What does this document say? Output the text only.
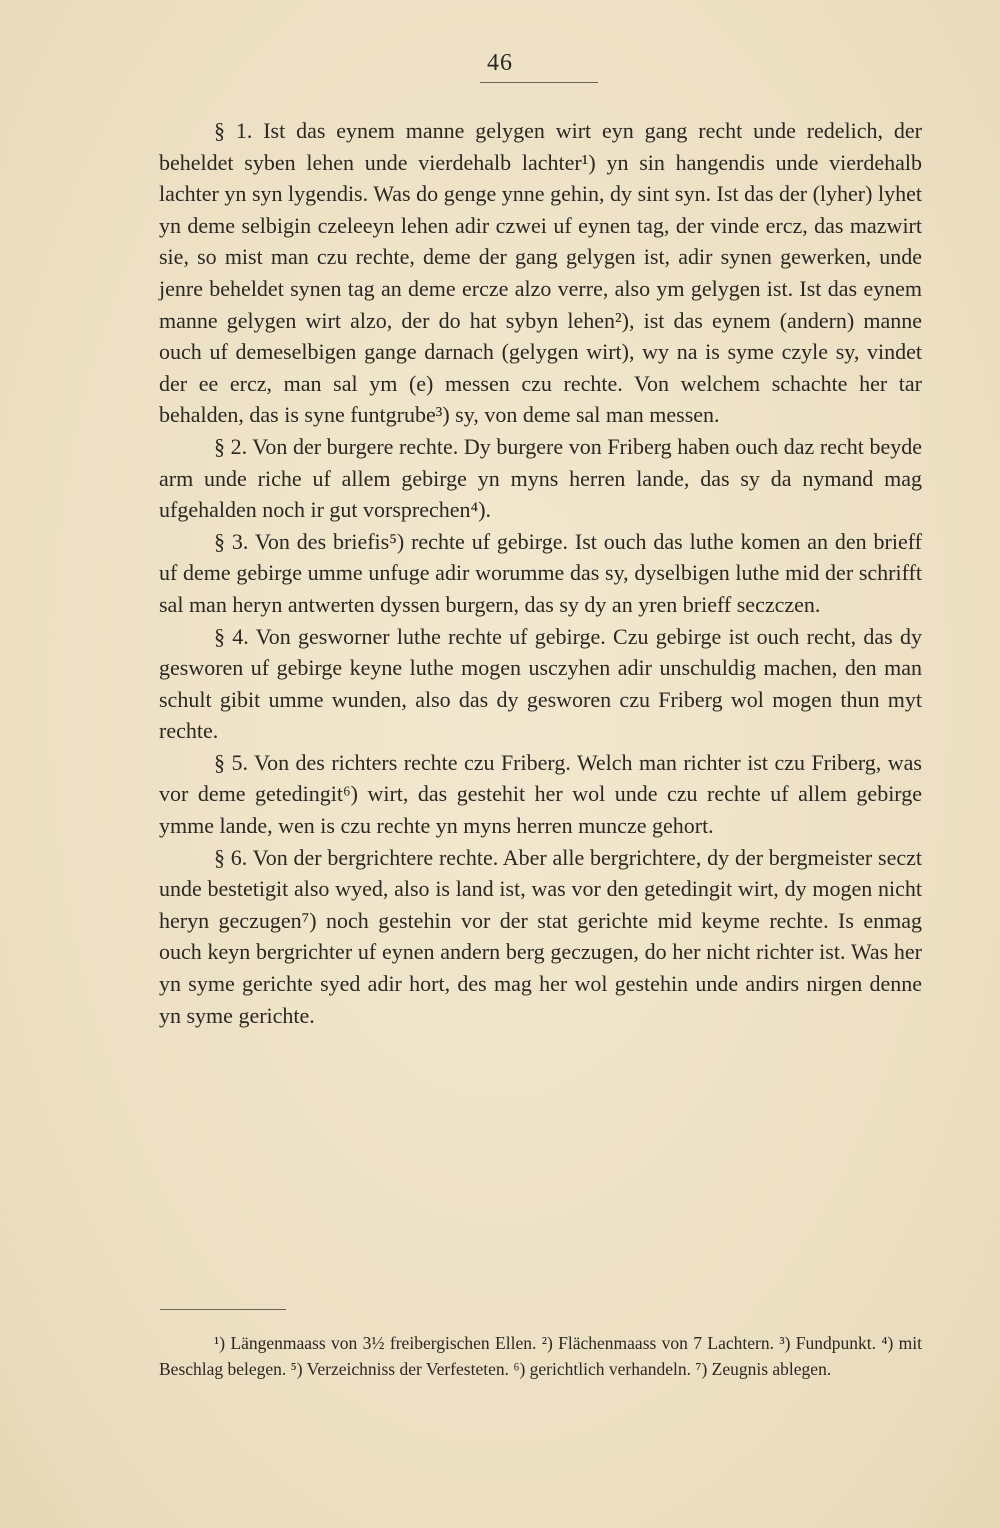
46

§ 1. Ist das eynem manne gelygen wirt eyn gang recht unde redelich, der beheldet syben lehen unde vierdehalb lachter¹) yn sin hangendis unde vierdehalb lachter yn syn lygendis. Was do genge ynne gehin, dy sint syn. Ist das der (lyher) lyhet yn deme selbigin czeleeyn lehen adir czwei uf eynen tag, der vinde ercz, das mazwirt sie, so mist man czu rechte, deme der gang gelygen ist, adir synen gewerken, unde jenre beheldet synen tag an deme ercze alzo verre, also ym gelygen ist. Ist das eynem manne gelygen wirt alzo, der do hat sybyn lehen²), ist das eynem (andern) manne ouch uf demeselbigen gange darnach (gelygen wirt), wy na is syme czyle sy, vindet der ee ercz, man sal ym (e) messen czu rechte. Von welchem schachte her tar behalden, das is syne funtgrube³) sy, von deme sal man messen.

§ 2. Von der burgere rechte. Dy burgere von Friberg haben ouch daz recht beyde arm unde riche uf allem gebirge yn myns herren lande, das sy da nymand mag ufgehalden noch ir gut vorsprechen⁴).

§ 3. Von des briefis⁵) rechte uf gebirge. Ist ouch das luthe komen an den brieff uf deme gebirge umme unfuge adir worumme das sy, dyselbigen luthe mid der schrifft sal man heryn antwerten dyssen burgern, das sy dy an yren brieff seczczen.

§ 4. Von gesworner luthe rechte uf gebirge. Czu gebirge ist ouch recht, das dy gesworen uf gebirge keyne luthe mogen usczyhen adir unschuldig machen, den man schult gibit umme wunden, also das dy gesworen czu Friberg wol mogen thun myt rechte.

§ 5. Von des richters rechte czu Friberg. Welch man richter ist czu Friberg, was vor deme getedingit⁶) wirt, das gestehit her wol unde czu rechte uf allem gebirge ymme lande, wen is czu rechte yn myns herren muncze gehort.

§ 6. Von der bergrichtere rechte. Aber alle bergrichtere, dy der bergmeister seczt unde bestetigit also wyed, also is land ist, was vor den getedingit wirt, dy mogen nicht heryn geczugen⁷) noch gestehin vor der stat gerichte mid keyme rechte. Is enmag ouch keyn bergrichter uf eynen andern berg geczugen, do her nicht richter ist. Was her yn syme gerichte syed adir hort, des mag her wol gestehin unde andirs nirgen denne yn syme gerichte.

¹) Längenmaass von 3½ freibergischen Ellen. ²) Flächenmaass von 7 Lachtern. ³) Fundpunkt. ⁴) mit Beschlag belegen. ⁵) Verzeichniss der Verfesteten. ⁶) gerichtlich verhandeln. ⁷) Zeugnis ablegen.
